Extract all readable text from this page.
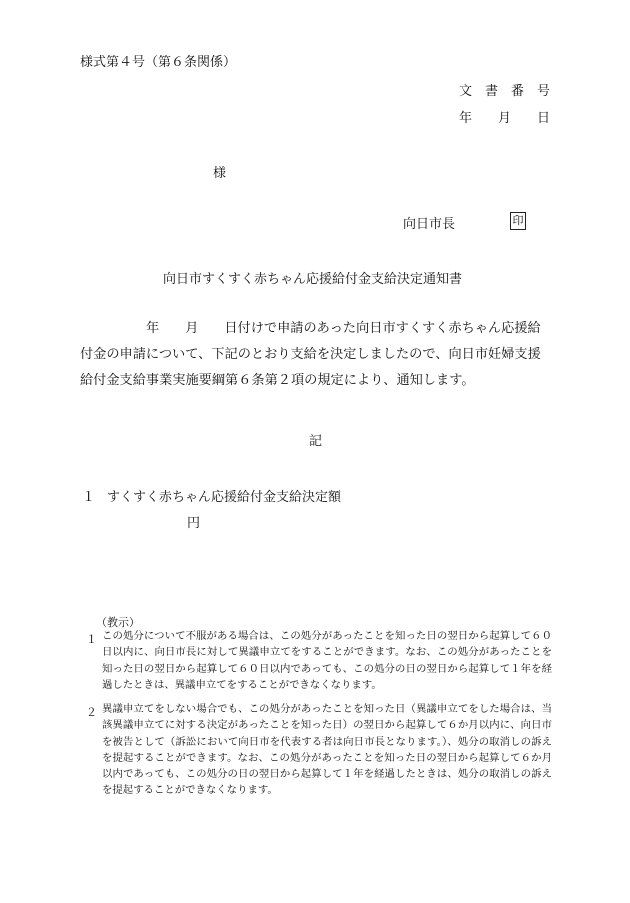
様式第４号（第６条関係）
文　書　番　号
年　　月　　日
様
向日市長	印
向日市すくすく赤ちゃん応援給付金支給決定通知書
年 月 日付けで申請のあった向日市すくすく赤ちゃん応援給
付金の申請について、下記のとおり支給を決定しましたので、向日市妊婦支援
給付金支給事業実施要綱第６条第２項の規定により、通知します。
記
１ すくすく赤ちゃん応援給付金支給決定額
円
（教示）
１ この処分について不服がある場合は、この処分があったことを知った日の翌日から起算して６０日以内に、向日市長に対して異議申立てをすることができます。なお、この処分があったことを知った日の翌日から起算して６０日以内であっても、この処分の日の翌日から起算して１年を経過したときは、異議申立てをすることができなくなります。
２ 異議申立てをしない場合でも、この処分があったことを知った日（異議申立てをした場合は、当該異議申立てに対する決定があったことを知った日）の翌日から起算して６か月以内に、向日市を被告として（訴訟において向日市を代表する者は向日市長となります。）、処分の取消しの訴えを提起することができます。なお、この処分があったことを知った日の翌日から起算して６か月以内であっても、この処分の日の翌日から起算して１年を経過したときは、処分の取消しの訴えを提起することができなくなります。
